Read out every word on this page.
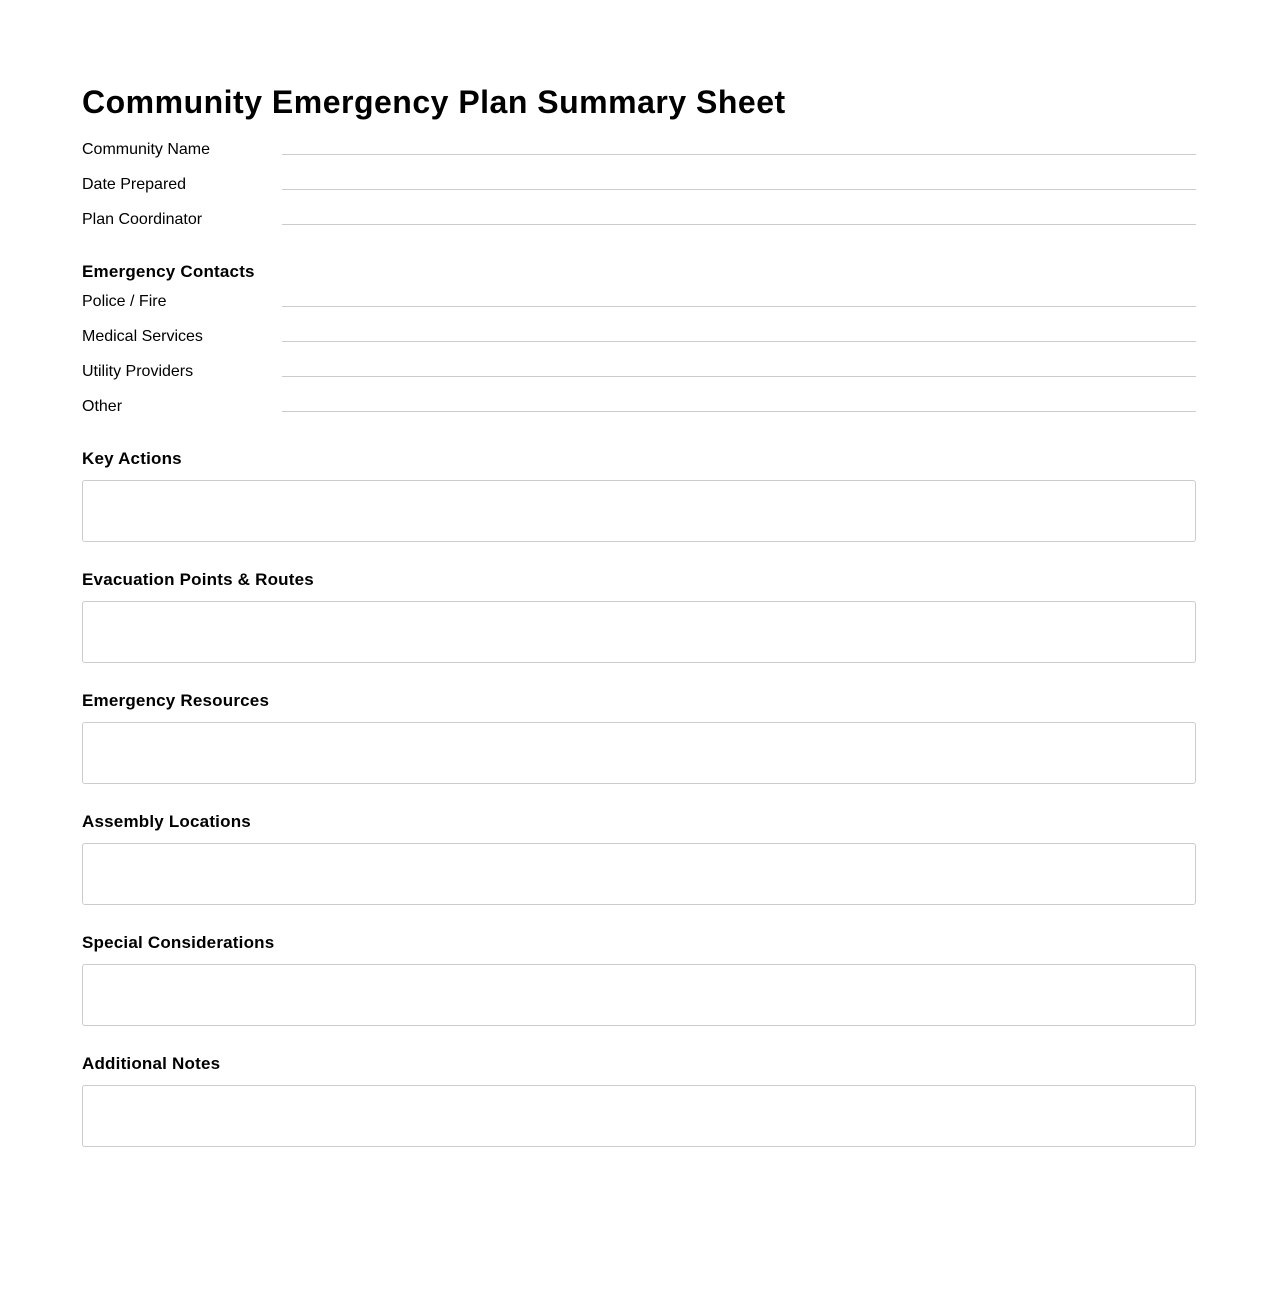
Community Emergency Plan Summary Sheet
Community Name
Date Prepared
Plan Coordinator
Emergency Contacts
Police / Fire
Medical Services
Utility Providers
Other
Key Actions
Evacuation Points & Routes
Emergency Resources
Assembly Locations
Special Considerations
Additional Notes
